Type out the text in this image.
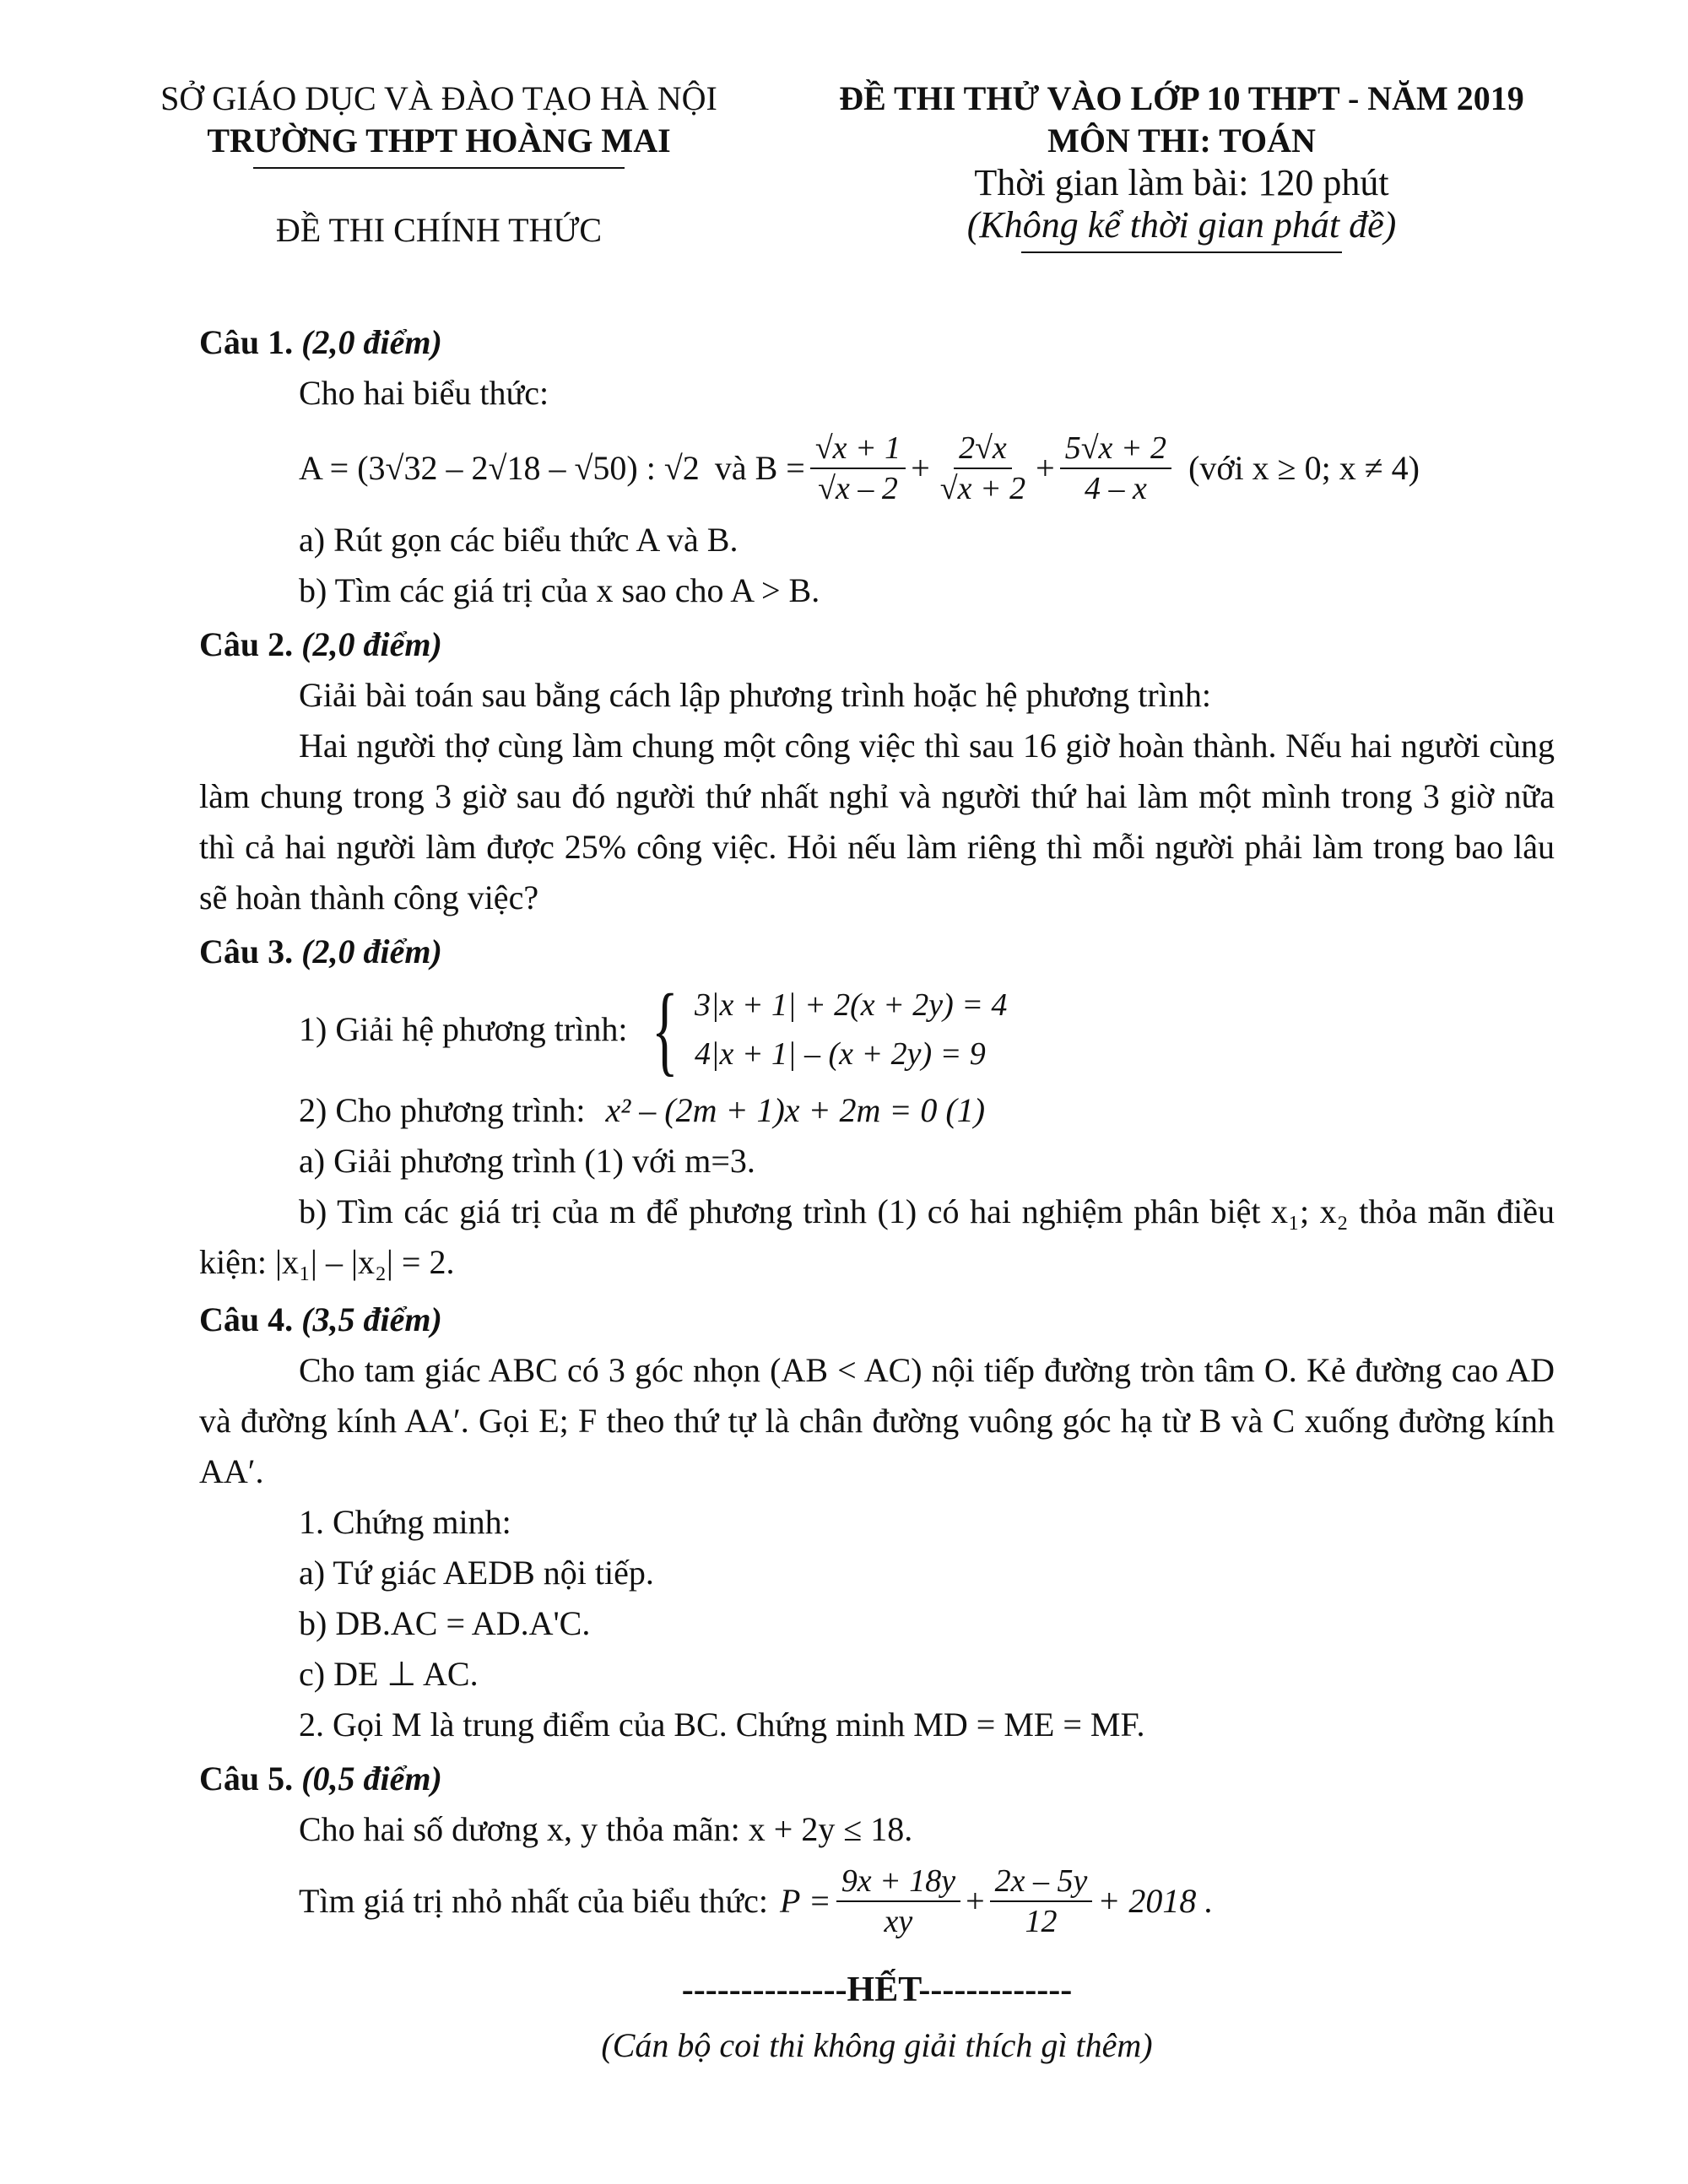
SỞ GIÁO DỤC VÀ ĐÀO TẠO HÀ NỘI
TRƯỜNG THPT HOÀNG MAI
ĐỀ THI CHÍNH THỨC
ĐỀ THI THỬ VÀO LỚP 10 THPT - NĂM 2019
MÔN THI: TOÁN
Thời gian làm bài: 120 phút
(Không kể thời gian phát đề)
Câu 1. (2,0 điểm)
Cho hai biểu thức:
A = (3√32 – 2√18 – √50) : √2 và $B = \frac{√x + 1}{√x - 2} + \frac{2√x}{√x + 2} + \frac{5√x + 2}{4 - x}$ (với x ≥ 0; x ≠ 4)
a) Rút gọn các biểu thức A và B.
b) Tìm các giá trị của x sao cho A > B.
Câu 2. (2,0 điểm)
Giải bài toán sau bằng cách lập phương trình hoặc hệ phương trình:

Hai người thợ cùng làm chung một công việc thì sau 16 giờ hoàn thành. Nếu hai người cùng làm chung trong 3 giờ sau đó người thứ nhất nghỉ và người thứ hai làm một mình trong 3 giờ nữa thì cả hai người làm được 25% công việc. Hỏi nếu làm riêng thì mỗi người phải làm trong bao lâu sẽ hoàn thành công việc?

Câu 3. (2,0 điểm)
1) Giải hệ phương trình: { 3|x + 1| + 2(x + 2y) = 4
4|x + 1| – (x + 2y) = 9
2) Cho phương trình: x² – (2m + 1)x + 2m = 0 (1)
a) Giải phương trình (1) với m=3.

b) Tìm các giá trị của m để phương trình (1) có hai nghiệm phân biệt x₁; x₂ thỏa mãn điều kiện: |x₁| – |x₂| = 2.

Câu 4. (3,5 điểm)

Cho tam giác ABC có 3 góc nhọn (AB < AC) nội tiếp đường tròn tâm O. Kẻ đường cao AD và đường kính AA′. Gọi E; F theo thứ tự là chân đường vuông góc hạ từ B và C xuống đường kính AA′.

1. Chứng minh:
a) Tứ giác AEDB nội tiếp.
b) DB.AC = AD.A'C.
c) DE ⊥ AC.
2. Gọi M là trung điểm của BC. Chứng minh MD = ME = MF.
Câu 5. (0,5 điểm)
Cho hai số dương x, y thỏa mãn: x + 2y ≤ 18.
Tìm giá trị nhỏ nhất của biểu thức: $P = \frac{9x + 18y}{xy} + \frac{2x - 5y}{12} + 2018$ .
--------------HẾT-------------
(Cán bộ coi thi không giải thích gì thêm)
